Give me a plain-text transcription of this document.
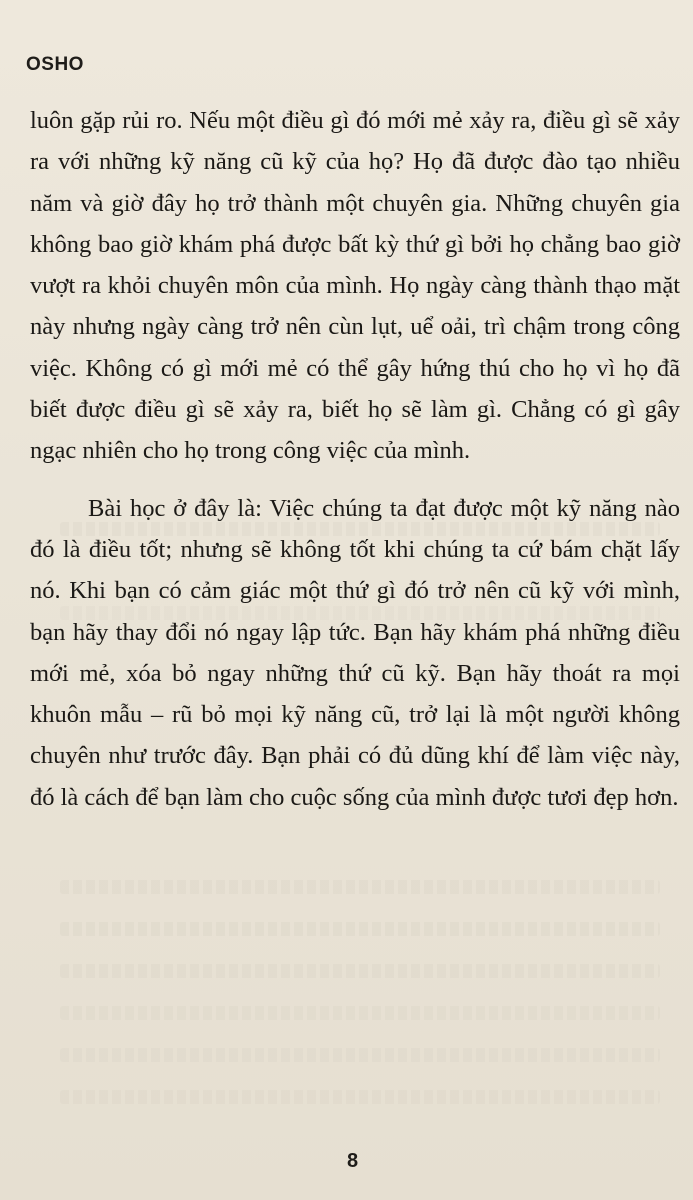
OSHO

luôn gặp rủi ro. Nếu một điều gì đó mới mẻ xảy ra, điều gì sẽ xảy ra với những kỹ năng cũ kỹ của họ? Họ đã được đào tạo nhiều năm và giờ đây họ trở thành một chuyên gia. Những chuyên gia không bao giờ khám phá được bất kỳ thứ gì bởi họ chẳng bao giờ vượt ra khỏi chuyên môn của mình. Họ ngày càng thành thạo mặt này nhưng ngày càng trở nên cùn lụt, uể oải, trì chậm trong công việc. Không có gì mới mẻ có thể gây hứng thú cho họ vì họ đã biết được điều gì sẽ xảy ra, biết họ sẽ làm gì. Chẳng có gì gây ngạc nhiên cho họ trong công việc của mình.

Bài học ở đây là: Việc chúng ta đạt được một kỹ năng nào đó là điều tốt; nhưng sẽ không tốt khi chúng ta cứ bám chặt lấy nó. Khi bạn có cảm giác một thứ gì đó trở nên cũ kỹ với mình, bạn hãy thay đổi nó ngay lập tức. Bạn hãy khám phá những điều mới mẻ, xóa bỏ ngay những thứ cũ kỹ. Bạn hãy thoát ra mọi khuôn mẫu – rũ bỏ mọi kỹ năng cũ, trở lại là một người không chuyên như trước đây. Bạn phải có đủ dũng khí để làm việc này, đó là cách để bạn làm cho cuộc sống của mình được tươi đẹp hơn.

8
